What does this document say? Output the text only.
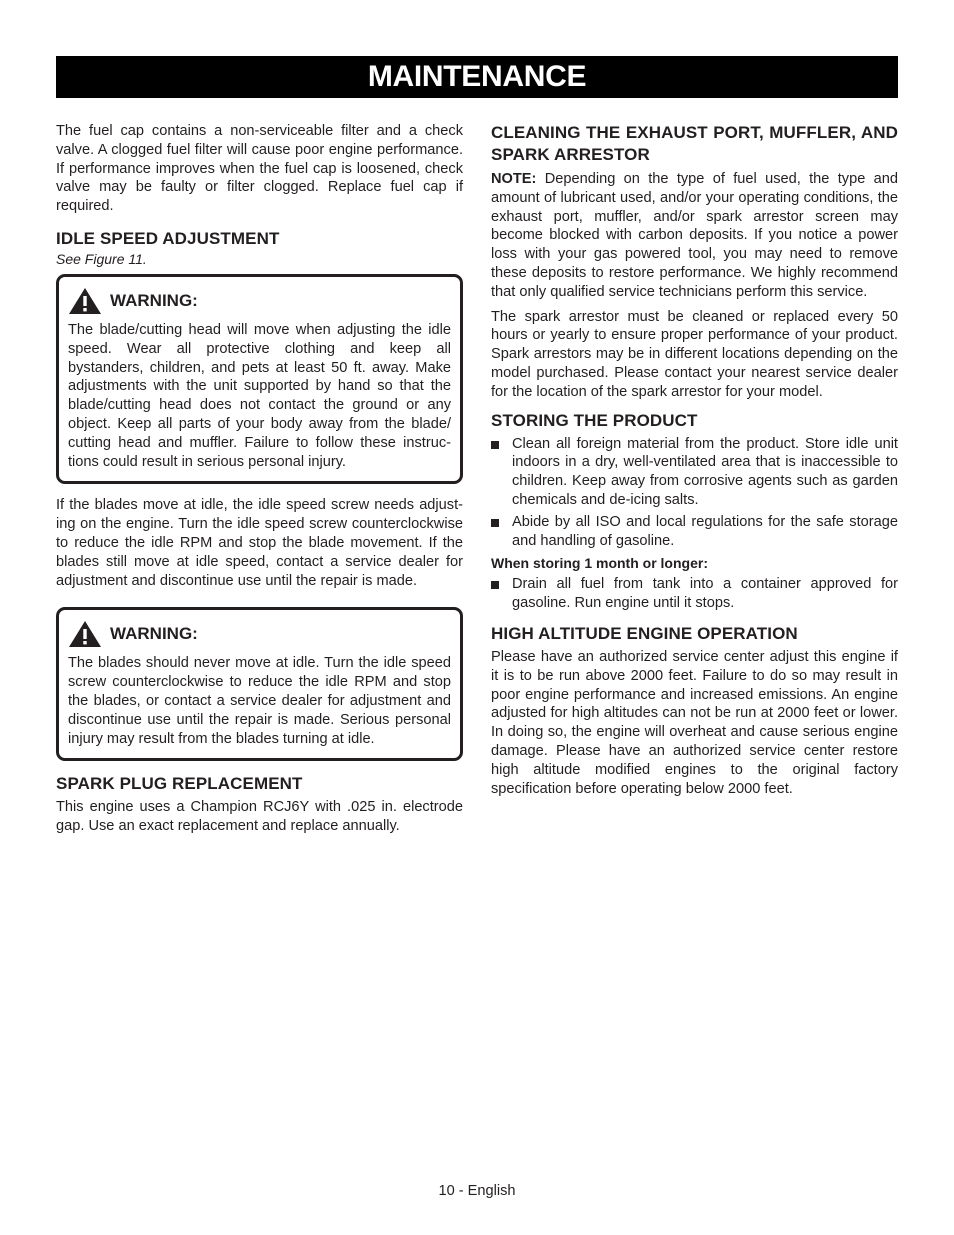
MAINTENANCE

The fuel cap contains a non-serviceable filter and a check valve. A clogged fuel filter will cause poor engine performance. If performance improves when the fuel cap is loosened, check valve may be faulty or filter clogged. Replace fuel cap if required.

IDLE SPEED ADJUSTMENT
See Figure 11.
WARNING:

The blade/cutting head will move when adjusting the idle speed. Wear all protective clothing and keep all bystanders, children, and pets at least 50 ft. away. Make adjustments with the unit supported by hand so that the blade/cutting head does not contact the ground or any object. Keep all parts of your body away from the blade/ cutting head and muffler. Failure to follow these instruc-tions could result in serious personal injury.

If the blades move at idle, the idle speed screw needs adjust-ing on the engine. Turn the idle speed screw counterclockwise to reduce the idle RPM and stop the blade movement. If the blades still move at idle speed, contact a service dealer for adjustment and discontinue use until the repair is made.

WARNING:

The blades should never move at idle. Turn the idle speed screw counterclockwise to reduce the idle RPM and stop the blades, or contact a service dealer for adjustment and discontinue use until the repair is made. Serious personal injury may result from the blades turning at idle.

SPARK PLUG REPLACEMENT

This engine uses a Champion RCJ6Y with .025 in. electrode gap. Use an exact replacement and replace annually.

CLEANING THE EXHAUST PORT, MUFFLER, AND SPARK ARRESTOR

NOTE: Depending on the type of fuel used, the type and amount of lubricant used, and/or your operating conditions, the exhaust port, muffler, and/or spark arrestor screen may become blocked with carbon deposits. If you notice a power loss with your gas powered tool, you may need to remove these deposits to restore performance. We highly recommend that only qualified service technicians perform this service.

The spark arrestor must be cleaned or replaced every 50 hours or yearly to ensure proper performance of your product. Spark arrestors may be in different locations depending on the model purchased. Please contact your nearest service dealer for the location of the spark arrestor for your model.

STORING THE PRODUCT
Clean all foreign material from the product. Store idle unit indoors in a dry, well-ventilated area that is inaccessible to children. Keep away from corrosive agents such as garden chemicals and de-icing salts.
Abide by all ISO and local regulations for the safe storage and handling of gasoline.
When storing 1 month or longer:
Drain all fuel from tank into a container approved for gasoline. Run engine until it stops.
HIGH ALTITUDE ENGINE OPERATION

Please have an authorized service center adjust this engine if it is to be run above 2000 feet. Failure to do so may result in poor engine performance and increased emissions. An engine adjusted for high altitudes can not be run at 2000 feet or lower. In doing so, the engine will overheat and cause serious engine damage. Please have an authorized service center restore high altitude modified engines to the original factory specification before operating below 2000 feet.

10 - English
